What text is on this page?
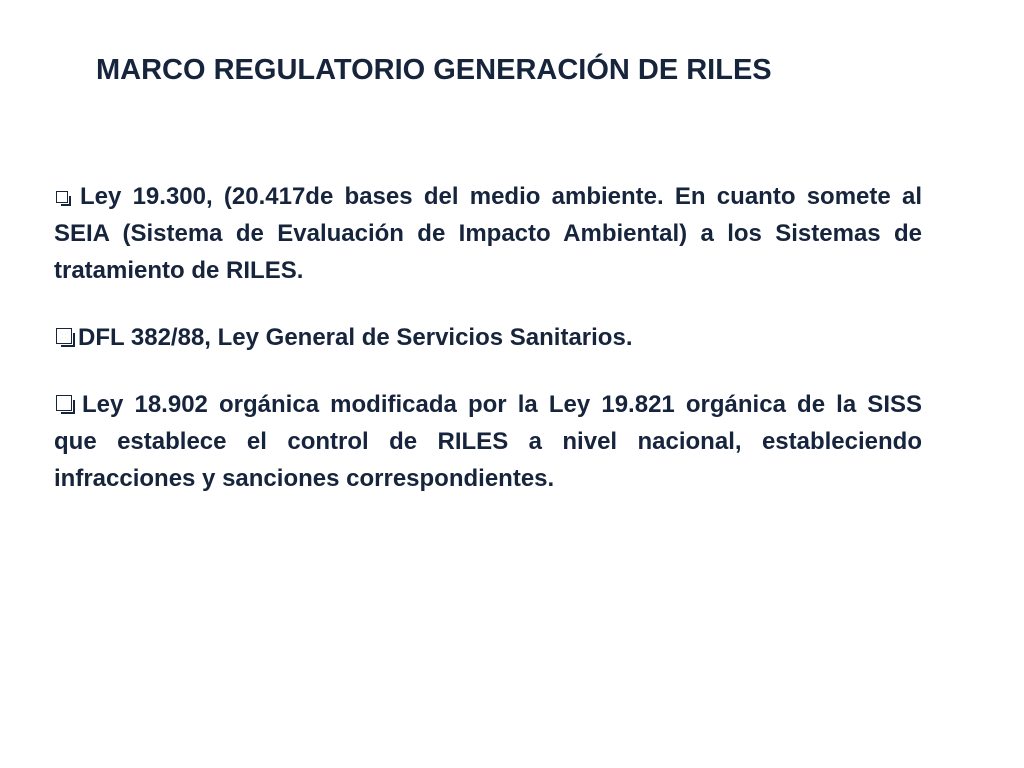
MARCO REGULATORIO GENERACIÓN DE RILES
Ley 19.300, (20.417de bases del medio ambiente. En cuanto somete al SEIA (Sistema de Evaluación de Impacto Ambiental) a los Sistemas de tratamiento de RILES.
DFL 382/88, Ley General de Servicios Sanitarios.
Ley 18.902 orgánica modificada por la Ley 19.821 orgánica de la SISS que establece el control de RILES a nivel nacional, estableciendo infracciones y sanciones correspondientes.
